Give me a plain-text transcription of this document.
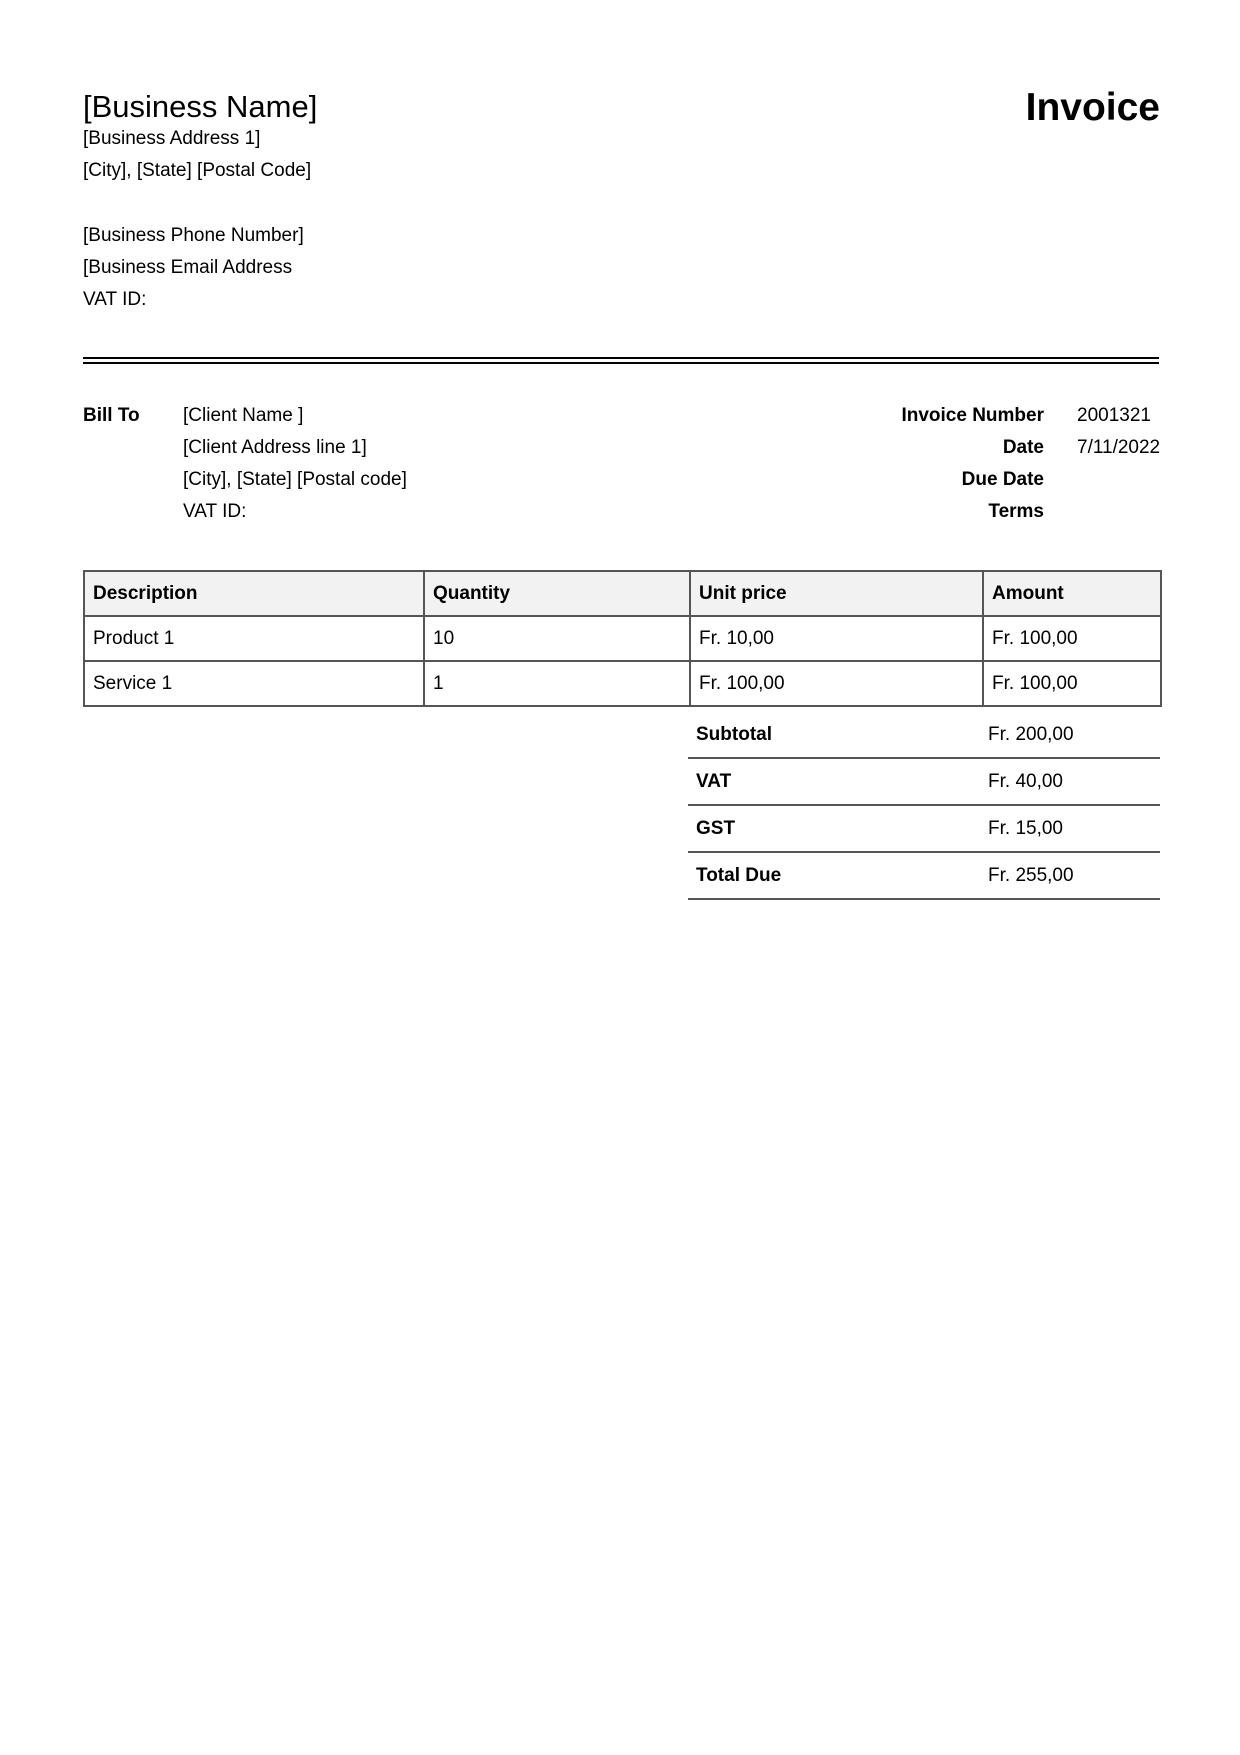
[Business Name]
[Business Address 1]
[City], [State] [Postal Code]
[Business Phone Number]
[Business Email Address
VAT ID:
Invoice
Bill To [Client Name ]
[Client Address line 1]
[City], [State] [Postal code]
VAT ID:
Invoice Number 2001321
Date 7/11/2022
Due Date
Terms
Description	Quantity	Unit price	Amount
Product 1	10	Fr. 10,00	Fr. 100,00
Service 1	1	Fr. 100,00	Fr. 100,00
Subtotal	Fr. 200,00
VAT	Fr. 40,00
GST	Fr. 15,00
Total Due	Fr. 255,00
